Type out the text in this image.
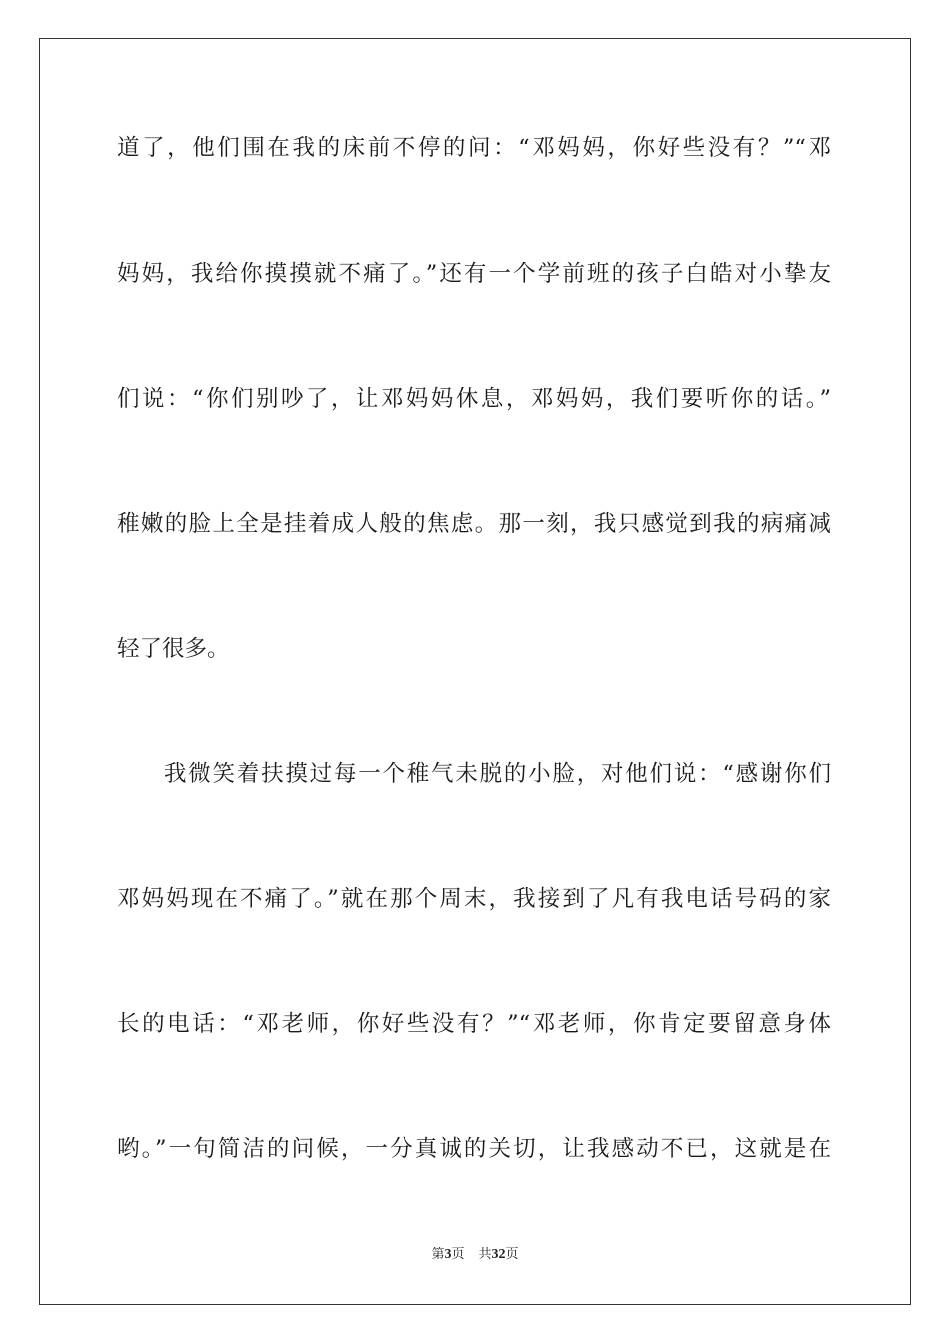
道了，他们围在我的床前不停的问：“邓妈妈，你好些没有？”“邓
妈妈，我给你摸摸就不痛了。”还有一个学前班的孩子白皓对小挚友
们说：“你们别吵了，让邓妈妈休息，邓妈妈，我们要听你的话。”
稚嫩的脸上全是挂着成人般的焦虑。那一刻，我只感觉到我的病痛减
轻了很多。
我微笑着扶摸过每一个稚气未脱的小脸，对他们说：“感谢你们
邓妈妈现在不痛了。”就在那个周末，我接到了凡有我电话号码的家
长的电话：“邓老师，你好些没有？”“邓老师，你肯定要留意身体
哟。”一句简洁的问候，一分真诚的关切，让我感动不已，这就是在
第3页 共32页
